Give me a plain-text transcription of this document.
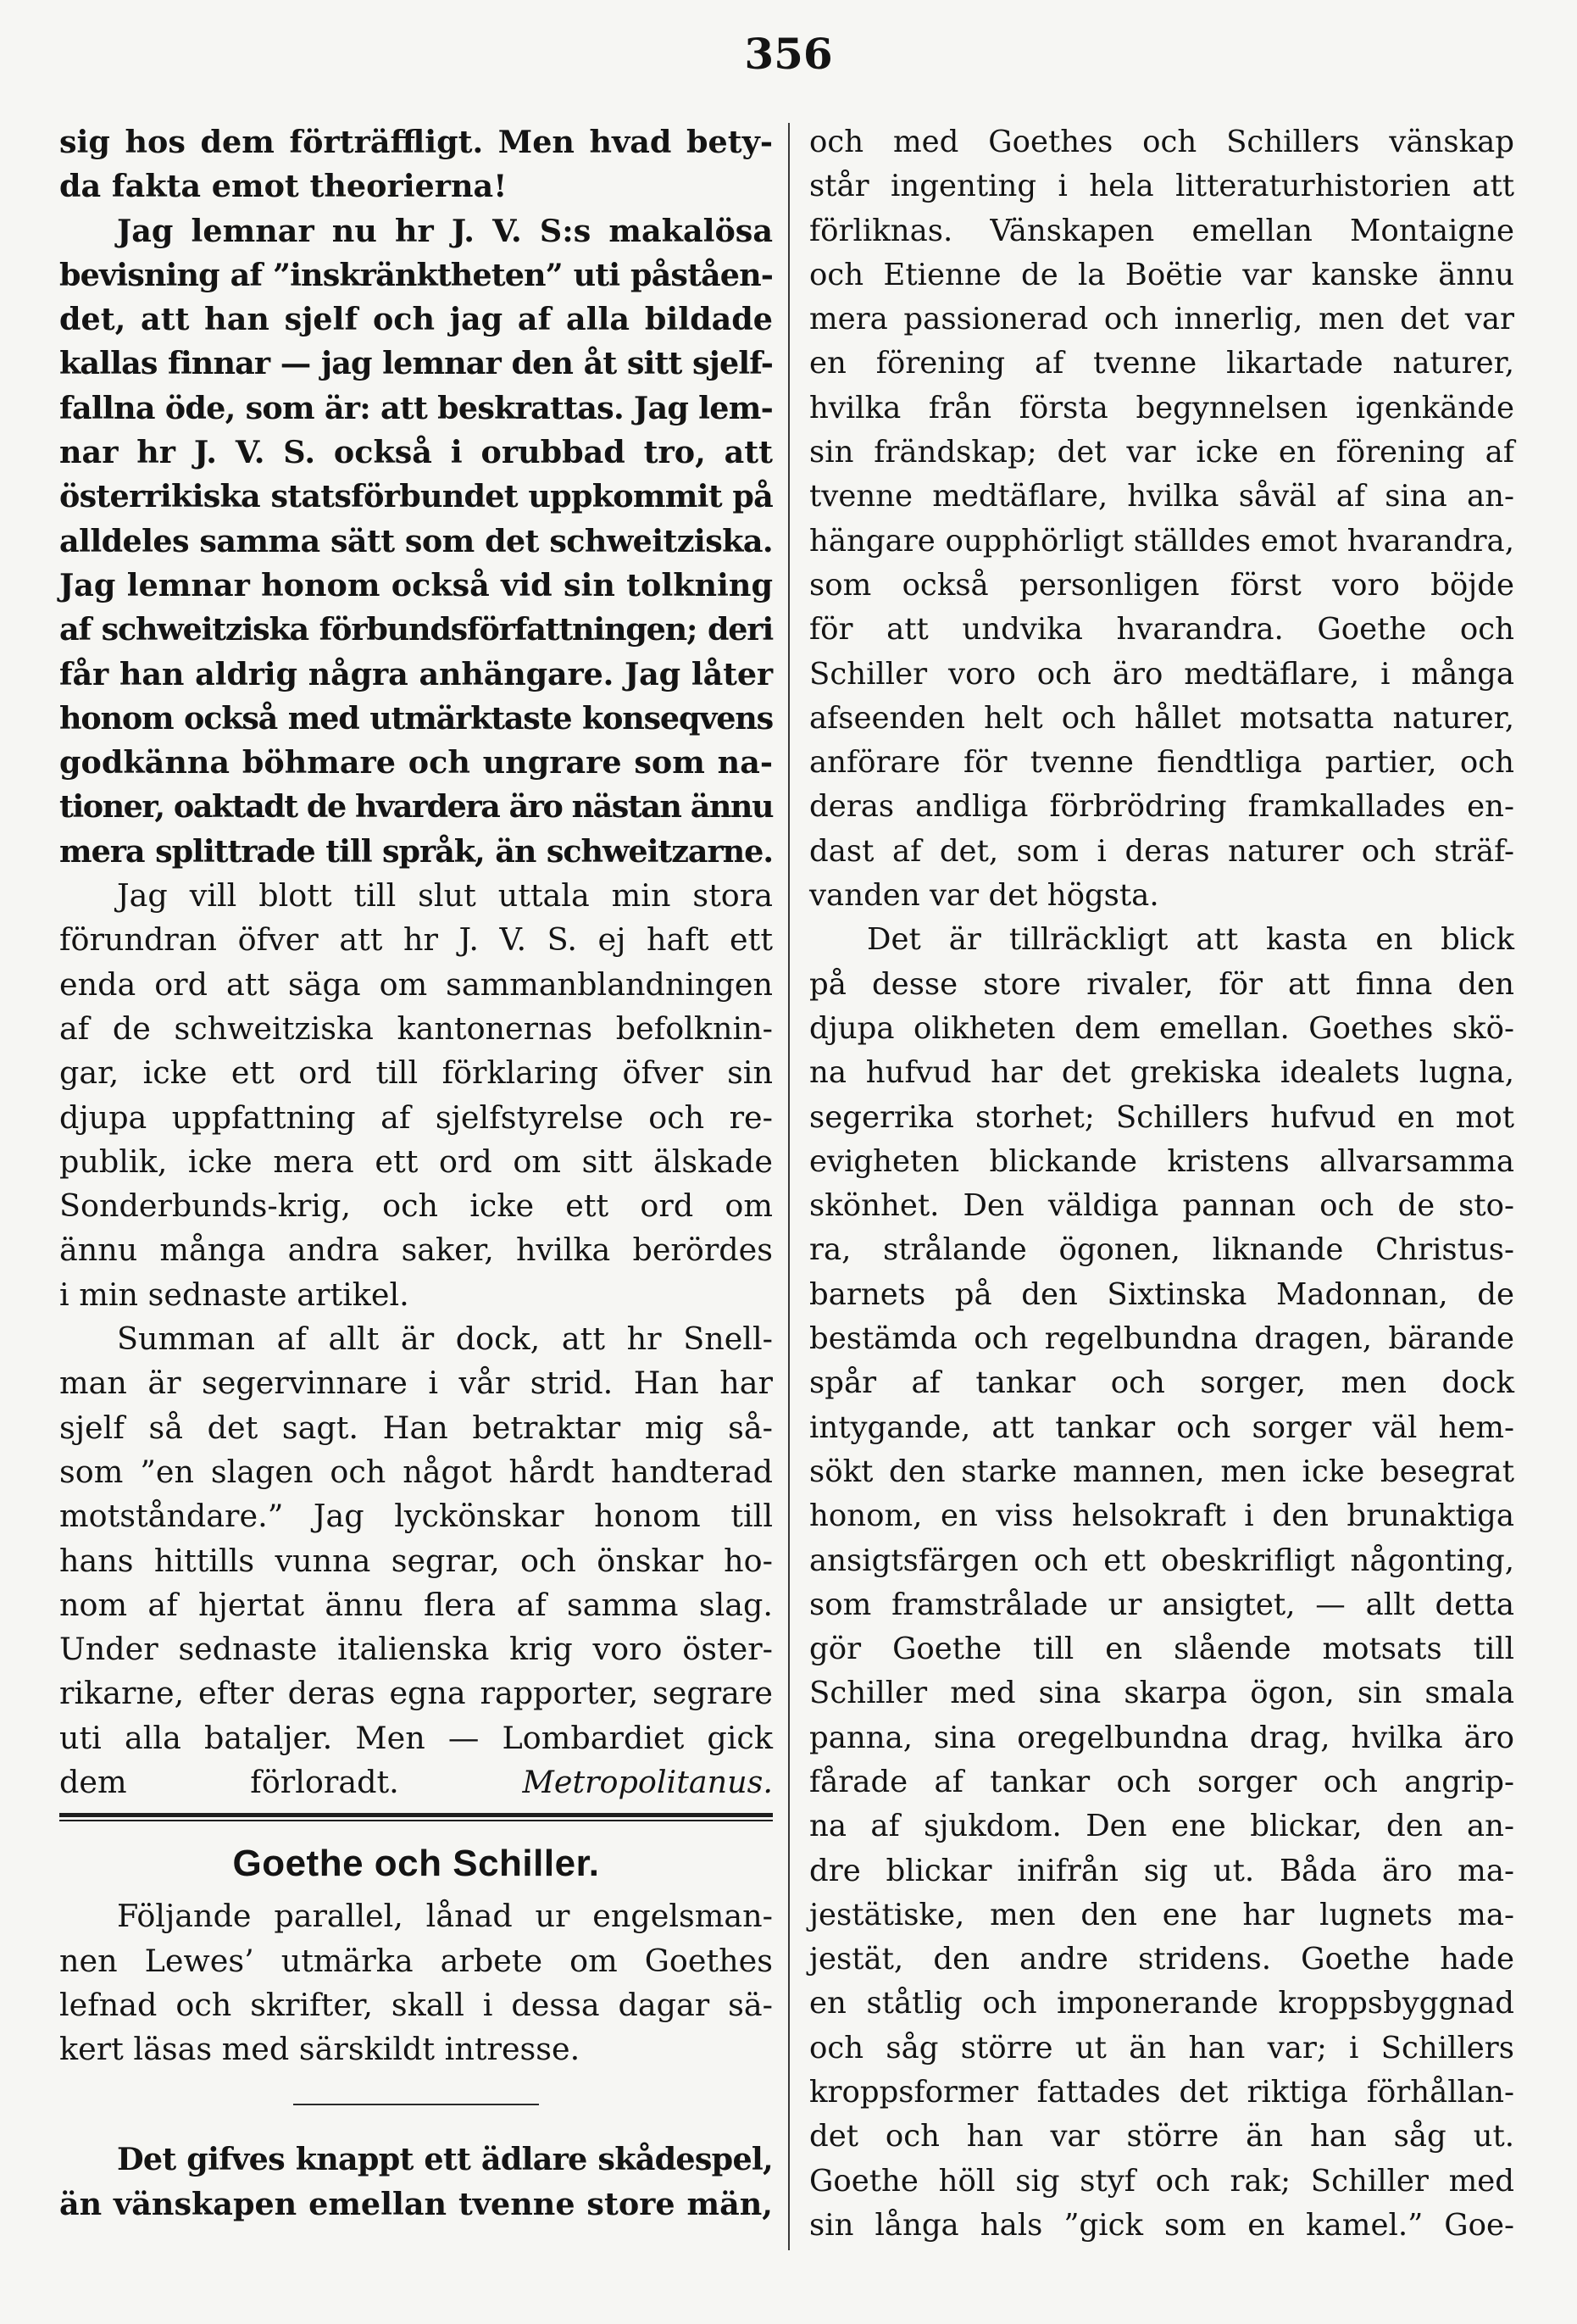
356
sig hos dem förträffligt. Men hvad bety-
da fakta emot theorierna!
Jag lemnar nu hr J. V. S:s makalösa
bevisning af ”inskränktheten” uti påståen-
det, att han sjelf och jag af alla bildade
kallas finnar — jag lemnar den åt sitt sjelf-
fallna öde, som är: att beskrattas. Jag lem-
nar hr J. V. S. också i orubbad tro, att
österrikiska statsförbundet uppkommit på
alldeles samma sätt som det schweitziska.
Jag lemnar honom också vid sin tolkning
af schweitziska förbundsförfattningen; deri
får han aldrig några anhängare. Jag låter
honom också med utmärktaste konseqvens
godkänna böhmare och ungrare som na-
tioner, oaktadt de hvardera äro nästan ännu
mera splittrade till språk, än schweitzarne.
Jag vill blott till slut uttala min stora
förundran öfver att hr J. V. S. ej haft ett
enda ord att säga om sammanblandningen
af de schweitziska kantonernas befolknin-
gar, icke ett ord till förklaring öfver sin
djupa uppfattning af sjelfstyrelse och re-
publik, icke mera ett ord om sitt älskade
Sonderbunds-krig, och icke ett ord om
ännu många andra saker, hvilka berördes
i min sednaste artikel.
Summan af allt är dock, att hr Snell-
man är segervinnare i vår strid. Han har
sjelf så det sagt. Han betraktar mig så-
som ”en slagen och något hårdt handterad
motståndare.” Jag lyckönskar honom till
hans hittills vunna segrar, och önskar ho-
nom af hjertat ännu flera af samma slag.
Under sednaste italienska krig voro öster-
rikarne, efter deras egna rapporter, segrare
uti alla bataljer. Men — Lombardiet gick
dem förloradt.	Metropolitanus.
Goethe och Schiller.
Följande parallel, lånad ur engelsman-
nen Lewes’ utmärka arbete om Goethes
lefnad och skrifter, skall i dessa dagar sä-
kert läsas med särskildt intresse.
Det gifves knappt ett ädlare skådespel,
än vänskapen emellan tvenne store män,
och med Goethes och Schillers vänskap
står ingenting i hela litteraturhistorien att
förliknas. Vänskapen emellan Montaigne
och Etienne de la Boëtie var kanske ännu
mera passionerad och innerlig, men det var
en förening af tvenne likartade naturer,
hvilka från första begynnelsen igenkände
sin frändskap; det var icke en förening af
tvenne medtäflare, hvilka såväl af sina an-
hängare oupphörligt ställdes emot hvarandra,
som också personligen först voro böjde
för att undvika hvarandra. Goethe och
Schiller voro och äro medtäflare, i många
afseenden helt och hållet motsatta naturer,
anförare för tvenne fiendtliga partier, och
deras andliga förbrödring framkallades en-
dast af det, som i deras naturer och sträf-
vanden var det högsta.
Det är tillräckligt att kasta en blick
på desse store rivaler, för att finna den
djupa olikheten dem emellan. Goethes skö-
na hufvud har det grekiska idealets lugna,
segerrika storhet; Schillers hufvud en mot
evigheten blickande kristens allvarsamma
skönhet. Den väldiga pannan och de sto-
ra, strålande ögonen, liknande Christus-
barnets på den Sixtinska Madonnan, de
bestämda och regelbundna dragen, bärande
spår af tankar och sorger, men dock
intygande, att tankar och sorger väl hem-
sökt den starke mannen, men icke besegrat
honom, en viss helsokraft i den brunaktiga
ansigtsfärgen och ett obeskrifligt någonting,
som framstrålade ur ansigtet, — allt detta
gör Goethe till en slående motsats till
Schiller med sina skarpa ögon, sin smala
panna, sina oregelbundna drag, hvilka äro
fårade af tankar och sorger och angrip-
na af sjukdom. Den ene blickar, den an-
dre blickar inifrån sig ut. Båda äro ma-
jestätiske, men den ene har lugnets ma-
jestät, den andre stridens. Goethe hade
en ståtlig och imponerande kroppsbyggnad
och såg större ut än han var; i Schillers
kroppsformer fattades det riktiga förhållan-
det och han var större än han såg ut.
Goethe höll sig styf och rak; Schiller med
sin långa hals ”gick som en kamel.” Goe-
